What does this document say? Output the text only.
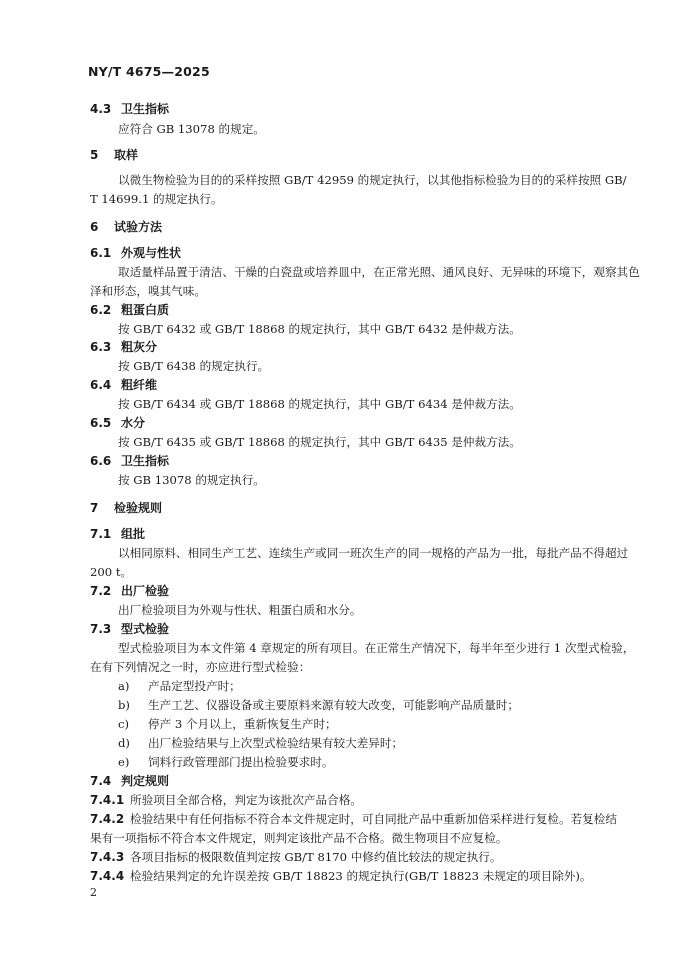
NY/T 4675—2025
4.3 卫生指标
应符合 GB 13078 的规定。
5 取样
以微生物检验为目的的采样按照 GB/T 42959 的规定执行，以其他指标检验为目的的采样按照 GB/
T 14699.1 的规定执行。
6 试验方法
6.1 外观与性状
取适量样品置于清洁、干燥的白瓷盘或培养皿中，在正常光照、通风良好、无异味的环境下，观察其色
泽和形态，嗅其气味。
6.2 粗蛋白质
按 GB/T 6432 或 GB/T 18868 的规定执行，其中 GB/T 6432 是仲裁方法。
6.3 粗灰分
按 GB/T 6438 的规定执行。
6.4 粗纤维
按 GB/T 6434 或 GB/T 18868 的规定执行，其中 GB/T 6434 是仲裁方法。
6.5 水分
按 GB/T 6435 或 GB/T 18868 的规定执行，其中 GB/T 6435 是仲裁方法。
6.6 卫生指标
按 GB 13078 的规定执行。
7 检验规则
7.1 组批
以相同原料、相同生产工艺、连续生产或同一班次生产的同一规格的产品为一批，每批产品不得超过
200 t。
7.2 出厂检验
出厂检验项目为外观与性状、粗蛋白质和水分。
7.3 型式检验
型式检验项目为本文件第 4 章规定的所有项目。在正常生产情况下，每半年至少进行 1 次型式检验，
在有下列情况之一时，亦应进行型式检验：
a) 产品定型投产时；
b) 生产工艺、仪器设备或主要原料来源有较大改变，可能影响产品质量时；
c) 停产 3 个月以上，重新恢复生产时；
d) 出厂检验结果与上次型式检验结果有较大差异时；
e) 饲料行政管理部门提出检验要求时。
7.4 判定规则
7.4.1 所验项目全部合格，判定为该批次产品合格。
7.4.2 检验结果中有任何指标不符合本文件规定时，可自同批产品中重新加倍采样进行复检。若复检结
果有一项指标不符合本文件规定，则判定该批产品不合格。微生物项目不应复检。
7.4.3 各项目指标的极限数值判定按 GB/T 8170 中修约值比较法的规定执行。
7.4.4 检验结果判定的允许误差按 GB/T 18823 的规定执行(GB/T 18823 未规定的项目除外)。
2
